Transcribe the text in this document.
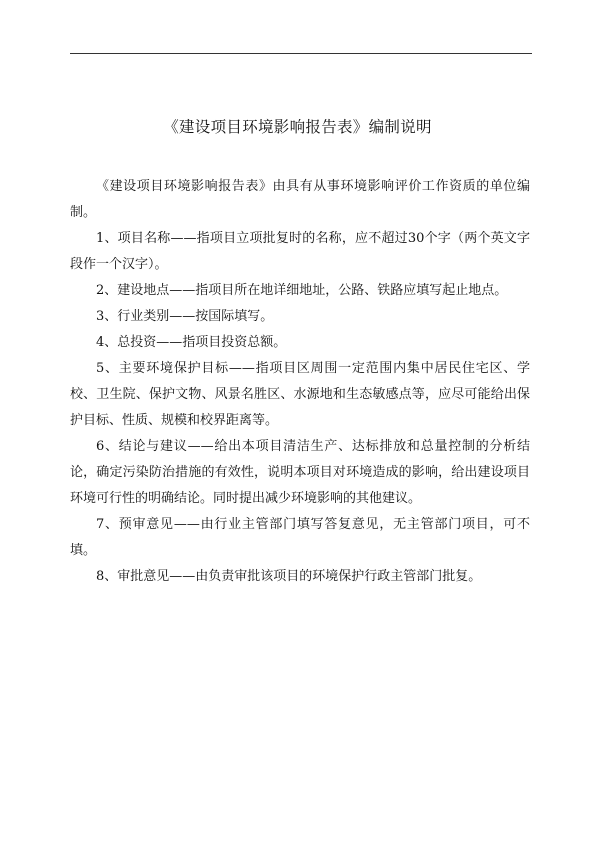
《建设项目环境影响报告表》编制说明

《建设项目环境影响报告表》由具有从事环境影响评价工作资质的单位编制。

1、项目名称——指项目立项批复时的名称，应不超过30个字（两个英文字段作一个汉字）。

2、建设地点——指项目所在地详细地址，公路、铁路应填写起止地点。

3、行业类别——按国际填写。

4、总投资——指项目投资总额。

5、主要环境保护目标——指项目区周围一定范围内集中居民住宅区、学校、卫生院、保护文物、风景名胜区、水源地和生态敏感点等，应尽可能给出保护目标、性质、规模和校界距离等。

6、结论与建议——给出本项目清洁生产、达标排放和总量控制的分析结论，确定污染防治措施的有效性，说明本项目对环境造成的影响，给出建设项目环境可行性的明确结论。同时提出减少环境影响的其他建议。

7、预审意见——由行业主管部门填写答复意见，无主管部门项目，可不填。

8、审批意见——由负责审批该项目的环境保护行政主管部门批复。
